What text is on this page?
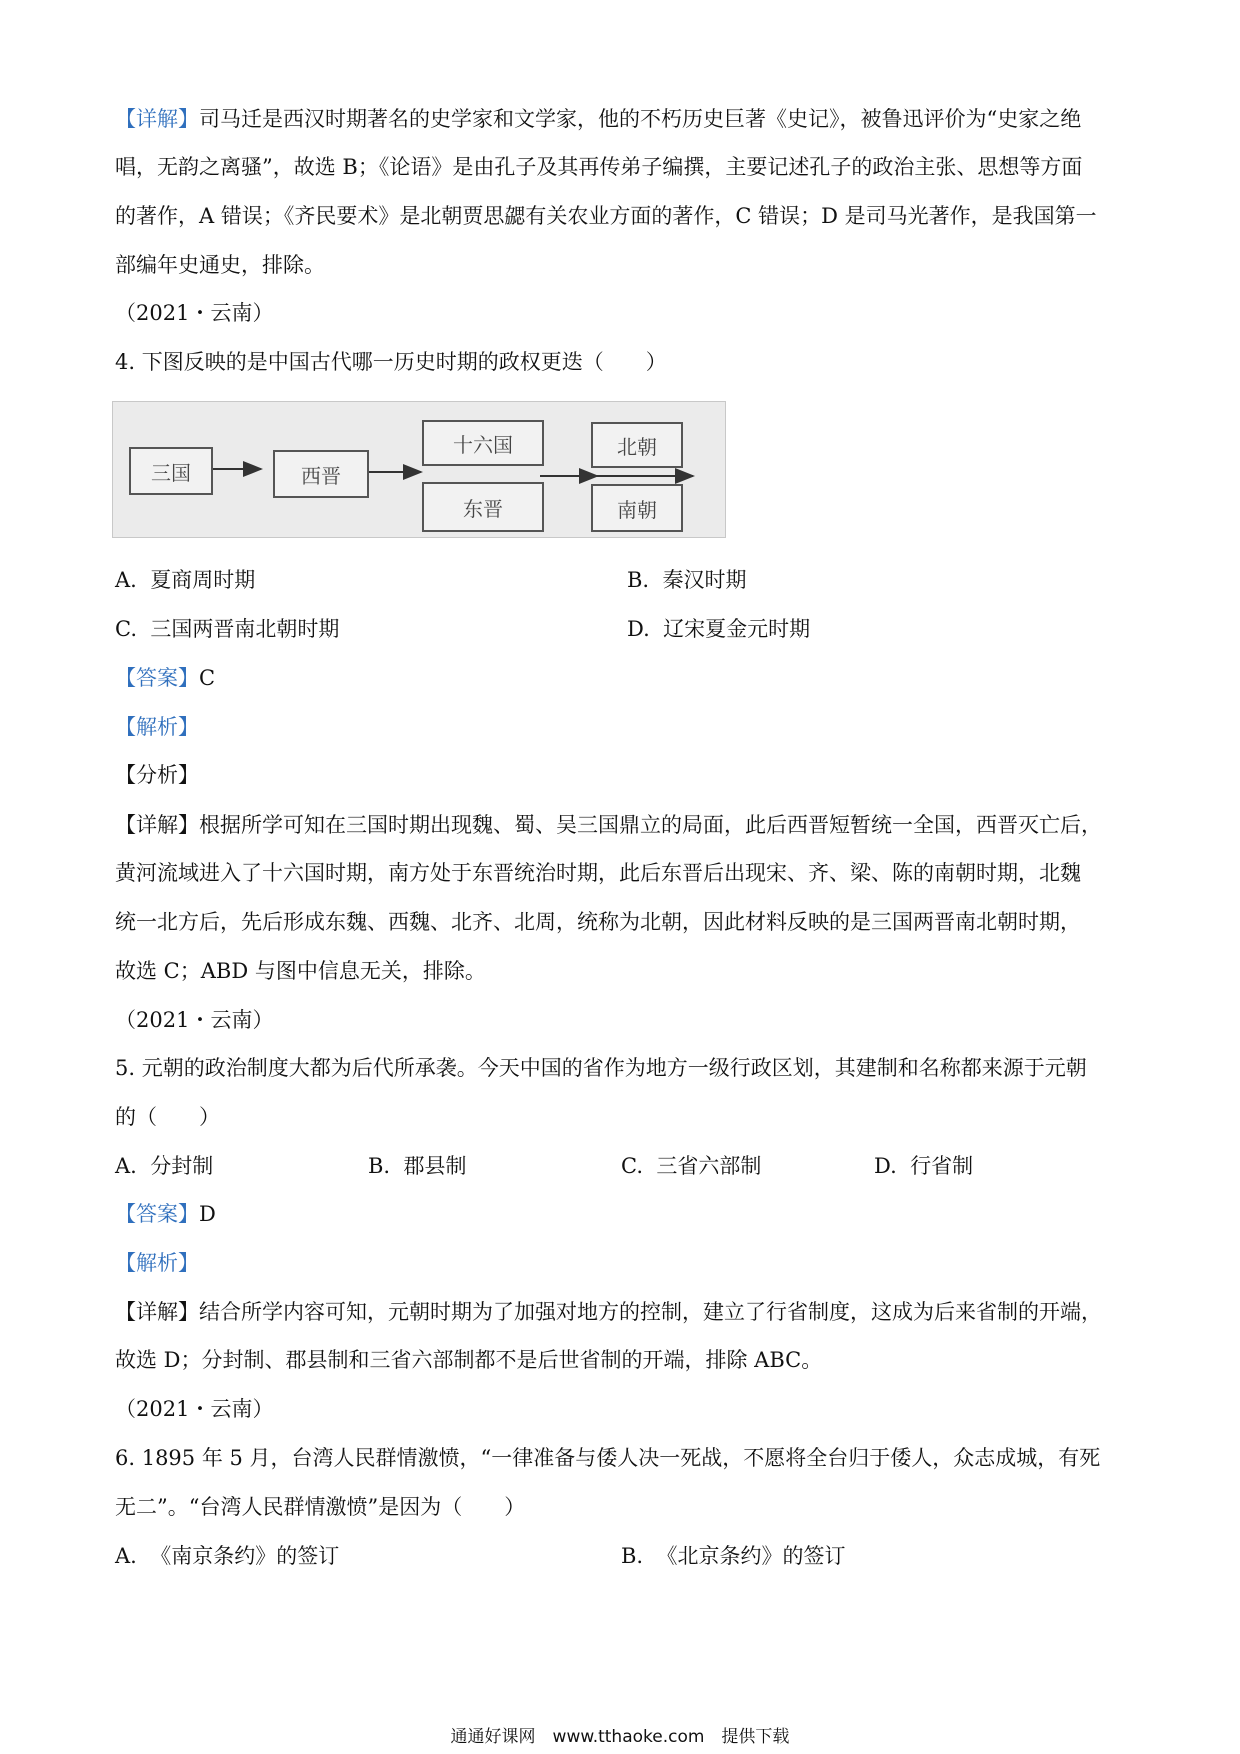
【详解】司马迁是西汉时期著名的史学家和文学家，他的不朽历史巨著《史记》，被鲁迅评价为“史家之绝
唱，无韵之离骚”，故选 B；《论语》是由孔子及其再传弟子编撰，主要记述孔子的政治主张、思想等方面
的著作，A 错误；《齐民要术》是北朝贾思勰有关农业方面的著作，C 错误；D 是司马光著作，是我国第一
部编年史通史，排除。
（2021・云南）
4. 下图反映的是中国古代哪一历史时期的政权更迭（　　）
三国	西晋
十六国
东晋
北朝
南朝
A. 夏商周时期	B. 秦汉时期
C. 三国两晋南北朝时期	D. 辽宋夏金元时期
【答案】C
【解析】
【分析】
【详解】根据所学可知在三国时期出现魏、蜀、吴三国鼎立的局面，此后西晋短暂统一全国，西晋灭亡后，
黄河流域进入了十六国时期，南方处于东晋统治时期，此后东晋后出现宋、齐、梁、陈的南朝时期，北魏
统一北方后，先后形成东魏、西魏、北齐、北周，统称为北朝，因此材料反映的是三国两晋南北朝时期，
故选 C；ABD 与图中信息无关，排除。
（2021・云南）
5. 元朝的政治制度大都为后代所承袭。今天中国的省作为地方一级行政区划，其建制和名称都来源于元朝
的（　　）
A. 分封制	B. 郡县制	C. 三省六部制	D. 行省制
【答案】D
【解析】
【详解】结合所学内容可知，元朝时期为了加强对地方的控制，建立了行省制度，这成为后来省制的开端，
故选 D；分封制、郡县制和三省六部制都不是后世省制的开端，排除 ABC。
（2021・云南）
6. 1895 年 5 月，台湾人民群情激愤，“一律准备与倭人决一死战，不愿将全台归于倭人，众志成城，有死
无二”。“台湾人民群情激愤”是因为（　　）
A. 《南京条约》的签订	B. 《北京条约》的签订
通通好课网　www.tthaoke.com　提供下载
